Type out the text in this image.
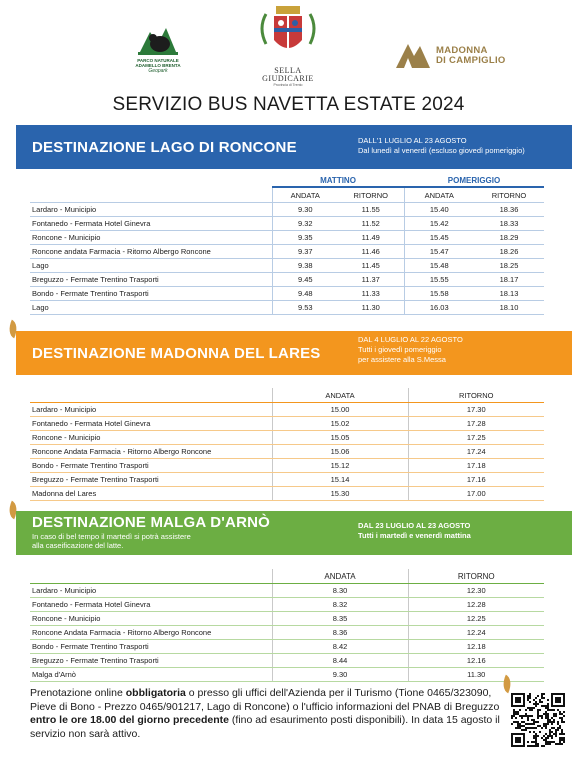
PARCO NATURALE
ADAMELLO BRENTA
Geopark	SELLA
GIUDICARIE
Provincia di Trento
MADONNA
DI CAMPIGLIO
SERVIZIO BUS NAVETTA ESTATE 2024
DESTINAZIONE LAGO DI RONCONE	DALL'1 LUGLIO AL 23 AGOSTO
Dal lunedì al venerdì (escluso giovedì pomeriggio)
	MATTINO		POMERIGGIO	
	ANDATA	RITORNO	ANDATA	RITORNO
Lardaro - Municipio	9.30	11.55	15.40	18.36
Fontanedo - Fermata Hotel Ginevra	9.32	11.52	15.42	18.33
Roncone - Municipio	9.35	11.49	15.45	18.29
Roncone andata Farmacia - Ritorno Albergo Roncone	9.37	11.46	15.47	18.26
Lago	9.38	11.45	15.48	18.25
Breguzzo - Fermate Trentino Trasporti	9.45	11.37	15.55	18.17
Bondo - Fermate Trentino Trasporti	9.48	11.33	15.58	18.13
Lago	9.53	11.30	16.03	18.10
DESTINAZIONE MADONNA DEL LARES
DAL 4 LUGLIO AL 22 AGOSTO
Tutti i giovedì pomeriggio
per assistere alla S.Messa
	ANDATA	RITORNO
Lardaro - Municipio	15.00	17.30
Fontanedo - Fermata Hotel Ginevra	15.02	17.28
Roncone - Municipio	15.05	17.25
Roncone Andata Farmacia - Ritorno Albergo Roncone	15.06	17.24
Bondo - Fermate Trentino Trasporti	15.12	17.18
Breguzzo - Fermate Trentino Trasporti	15.14	17.16
Madonna del Lares	15.30	17.00
DESTINAZIONE MALGA D'ARNÒ
In caso di bel tempo il martedì si potrà assistere
alla caseificazione del latte.
DAL 23 LUGLIO AL 23 AGOSTO
Tutti i martedì e venerdì mattina
	ANDATA	RITORNO
Lardaro - Municipio	8.30	12.30
Fontanedo - Fermata Hotel Ginevra	8.32	12.28
Roncone - Municipio	8.35	12.25
Roncone Andata Farmacia - Ritorno Albergo Roncone	8.36	12.24
Bondo - Fermate Trentino Trasporti	8.42	12.18
Breguzzo - Fermate Trentino Trasporti	8.44	12.16
Malga d'Arnò	9.30	11.30
Prenotazione online obbligatoria o presso gli uffici dell'Azienda per il Turismo (Tione 0465/323090, Pieve di Bono - Prezzo 0465/901217, Lago di Roncone) o l'ufficio informazioni del PNAB di Breguzzo entro le ore 18.00 del giorno precedente (fino ad esaurimento posti disponibili). In data 15 agosto il servizio non sarà attivo.
